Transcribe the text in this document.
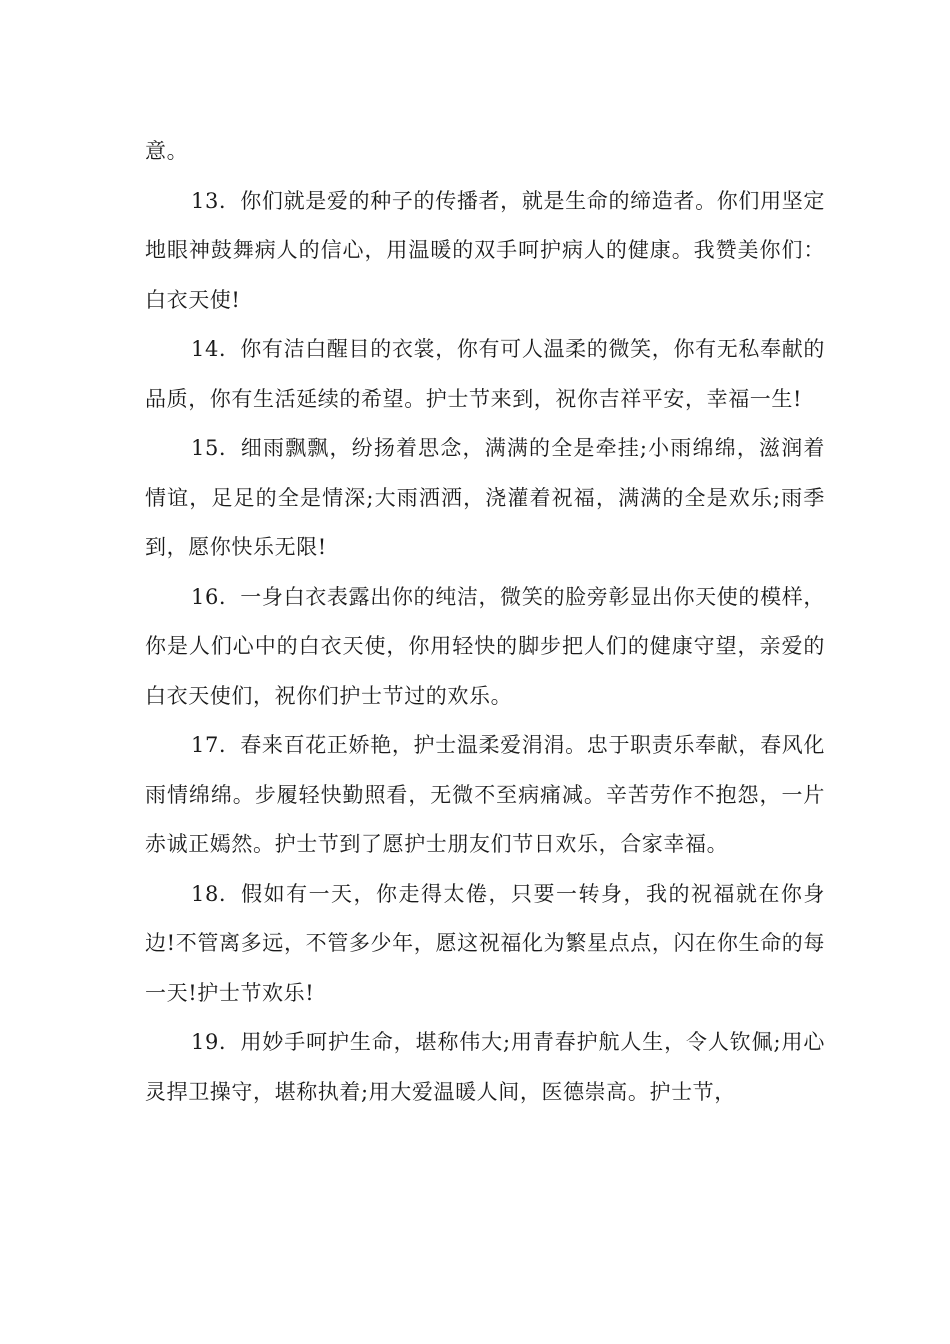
意。

13. 你们就是爱的种子的传播者，就是生命的缔造者。你们用坚定地眼神鼓舞病人的信心，用温暖的双手呵护病人的健康。我赞美你们：白衣天使!

14. 你有洁白醒目的衣裳，你有可人温柔的微笑，你有无私奉献的品质，你有生活延续的希望。护士节来到，祝你吉祥平安，幸福一生!

15. 细雨飘飘，纷扬着思念，满满的全是牵挂;小雨绵绵，滋润着情谊，足足的全是情深;大雨洒洒，浇灌着祝福，满满的全是欢乐;雨季到，愿你快乐无限!

16. 一身白衣表露出你的纯洁，微笑的脸旁彰显出你天使的模样，你是人们心中的白衣天使，你用轻快的脚步把人们的健康守望，亲爱的白衣天使们，祝你们护士节过的欢乐。

17. 春来百花正娇艳，护士温柔爱涓涓。忠于职责乐奉献，春风化雨情绵绵。步履轻快勤照看，无微不至病痛减。辛苦劳作不抱怨，一片赤诚正嫣然。护士节到了愿护士朋友们节日欢乐，合家幸福。

18. 假如有一天，你走得太倦，只要一转身，我的祝福就在你身边!不管离多远，不管多少年，愿这祝福化为繁星点点，闪在你生命的每一天!护士节欢乐!

19. 用妙手呵护生命，堪称伟大;用青春护航人生，令人钦佩;用心灵捍卫操守，堪称执着;用大爱温暖人间，医德崇高。护士节，
